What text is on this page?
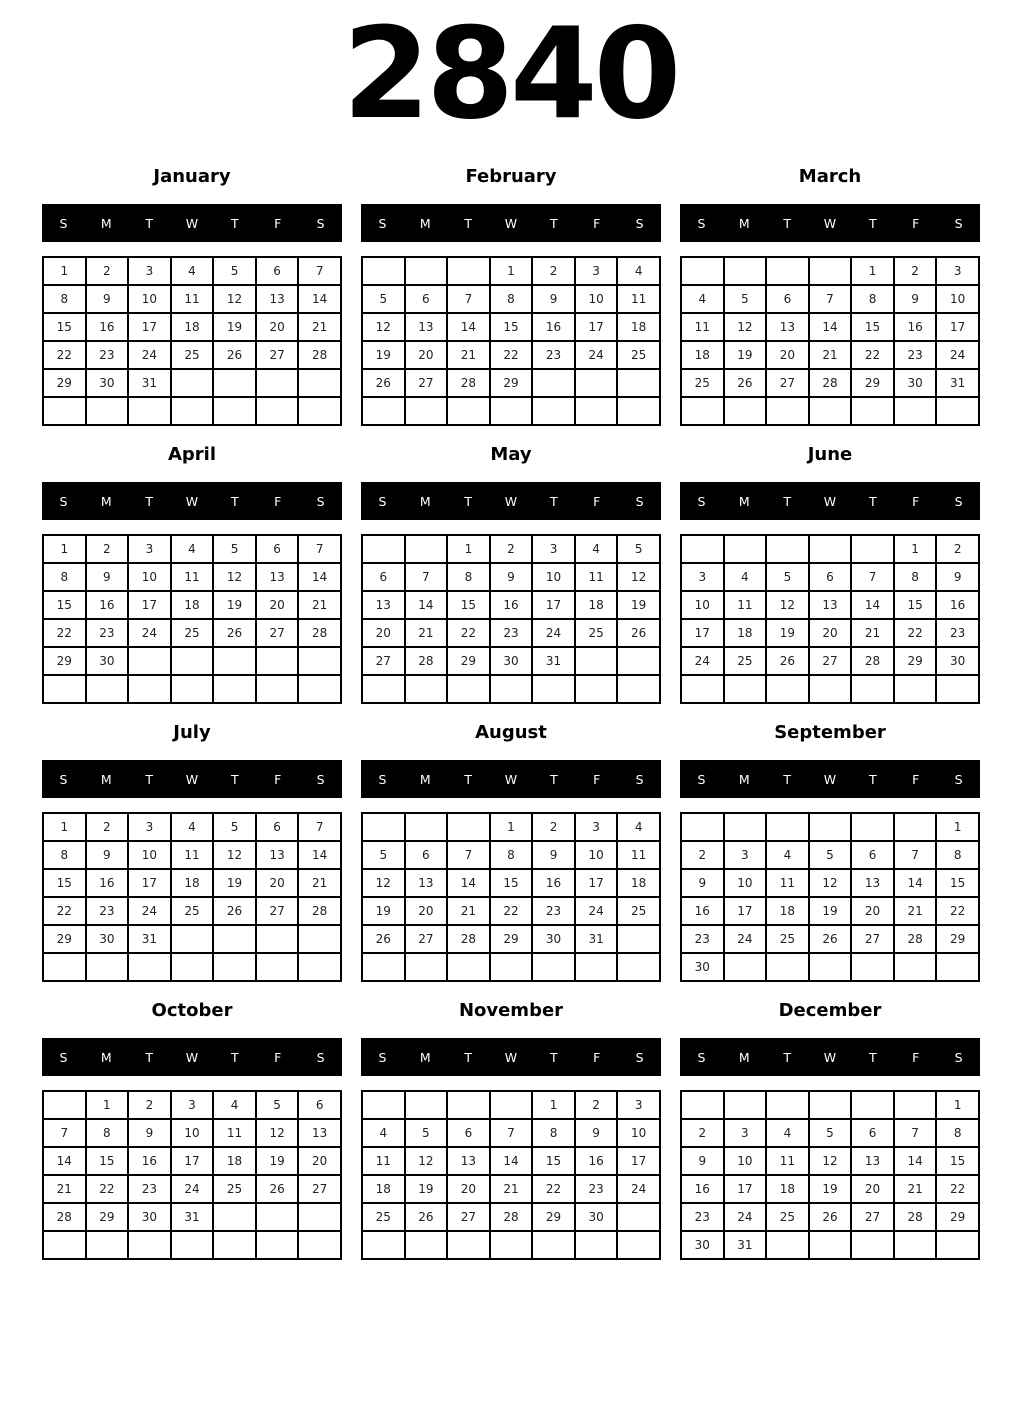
2840
January
S	M	T	W	T	F	S
1	2	3	4	5	6	7
8	9	10	11	12	13	14
15	16	17	18	19	20	21
22	23	24	25	26	27	28
29	30	31				

February
S	M	T	W	T	F	S
			1	2	3	4
5	6	7	8	9	10	11
12	13	14	15	16	17	18
19	20	21	22	23	24	25
26	27	28	29			

March
S	M	T	W	T	F	S
				1	2	3
4	5	6	7	8	9	10
11	12	13	14	15	16	17
18	19	20	21	22	23	24
25	26	27	28	29	30	31

April
S	M	T	W	T	F	S
1	2	3	4	5	6	7
8	9	10	11	12	13	14
15	16	17	18	19	20	21
22	23	24	25	26	27	28
29	30					

May
S	M	T	W	T	F	S
		1	2	3	4	5
6	7	8	9	10	11	12
13	14	15	16	17	18	19
20	21	22	23	24	25	26
27	28	29	30	31		

June
S	M	T	W	T	F	S
					1	2
3	4	5	6	7	8	9
10	11	12	13	14	15	16
17	18	19	20	21	22	23
24	25	26	27	28	29	30

July
S	M	T	W	T	F	S
1	2	3	4	5	6	7
8	9	10	11	12	13	14
15	16	17	18	19	20	21
22	23	24	25	26	27	28
29	30	31				

August
S	M	T	W	T	F	S
			1	2	3	4
5	6	7	8	9	10	11
12	13	14	15	16	17	18
19	20	21	22	23	24	25
26	27	28	29	30	31	

September
S	M	T	W	T	F	S
						1
2	3	4	5	6	7	8
9	10	11	12	13	14	15
16	17	18	19	20	21	22
23	24	25	26	27	28	29
30						
October
S	M	T	W	T	F	S
	1	2	3	4	5	6
7	8	9	10	11	12	13
14	15	16	17	18	19	20
21	22	23	24	25	26	27
28	29	30	31			

November
S	M	T	W	T	F	S
				1	2	3
4	5	6	7	8	9	10
11	12	13	14	15	16	17
18	19	20	21	22	23	24
25	26	27	28	29	30	

December
S	M	T	W	T	F	S
						1
2	3	4	5	6	7	8
9	10	11	12	13	14	15
16	17	18	19	20	21	22
23	24	25	26	27	28	29
30	31					
